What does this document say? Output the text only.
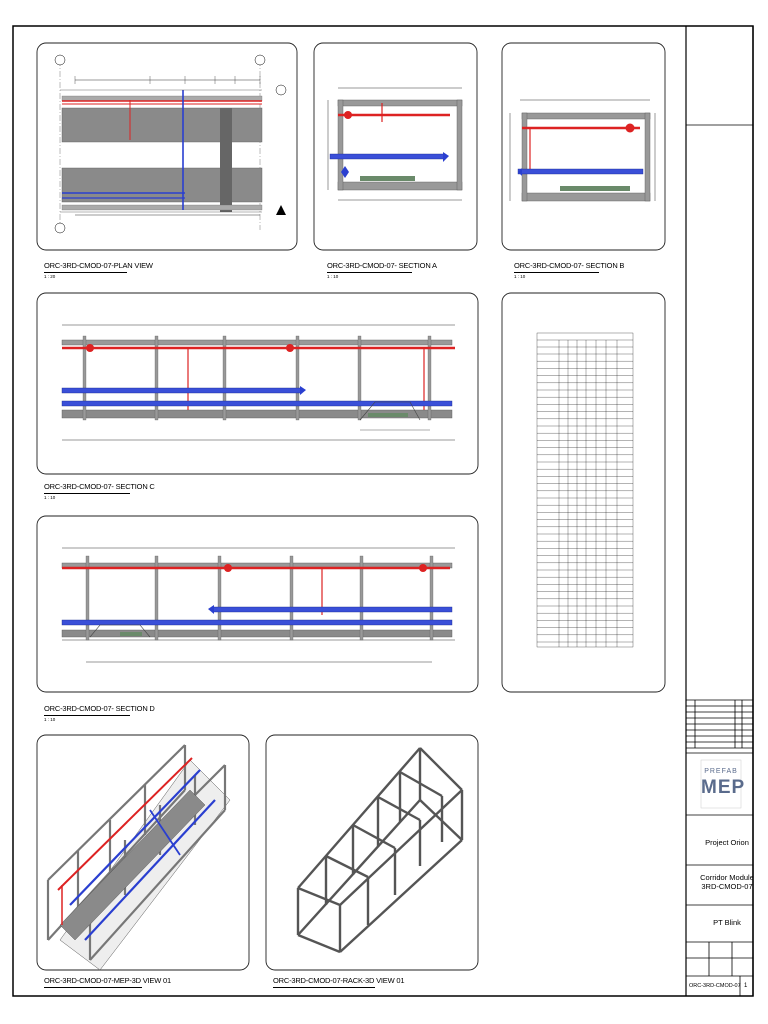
ORC-3RD-CMOD-07-PLAN VIEW
1 : 20
ORC-3RD-CMOD-07- SECTION A
1 : 10
ORC-3RD-CMOD-07- SECTION B
1 : 10
ORC-3RD-CMOD-07- SECTION C
1 : 10
ORC-3RD-CMOD-07- SECTION D
1 : 10
ORC-3RD-CMOD-07-MEP-3D VIEW 01	ORC-3RD-CMOD-07-RACK-3D VIEW 01
PREFAB
MEP
Project Orion
Corridor Module
3RD-CMOD-07
PT Blink
ORC-3RD-CMOD-07 1
